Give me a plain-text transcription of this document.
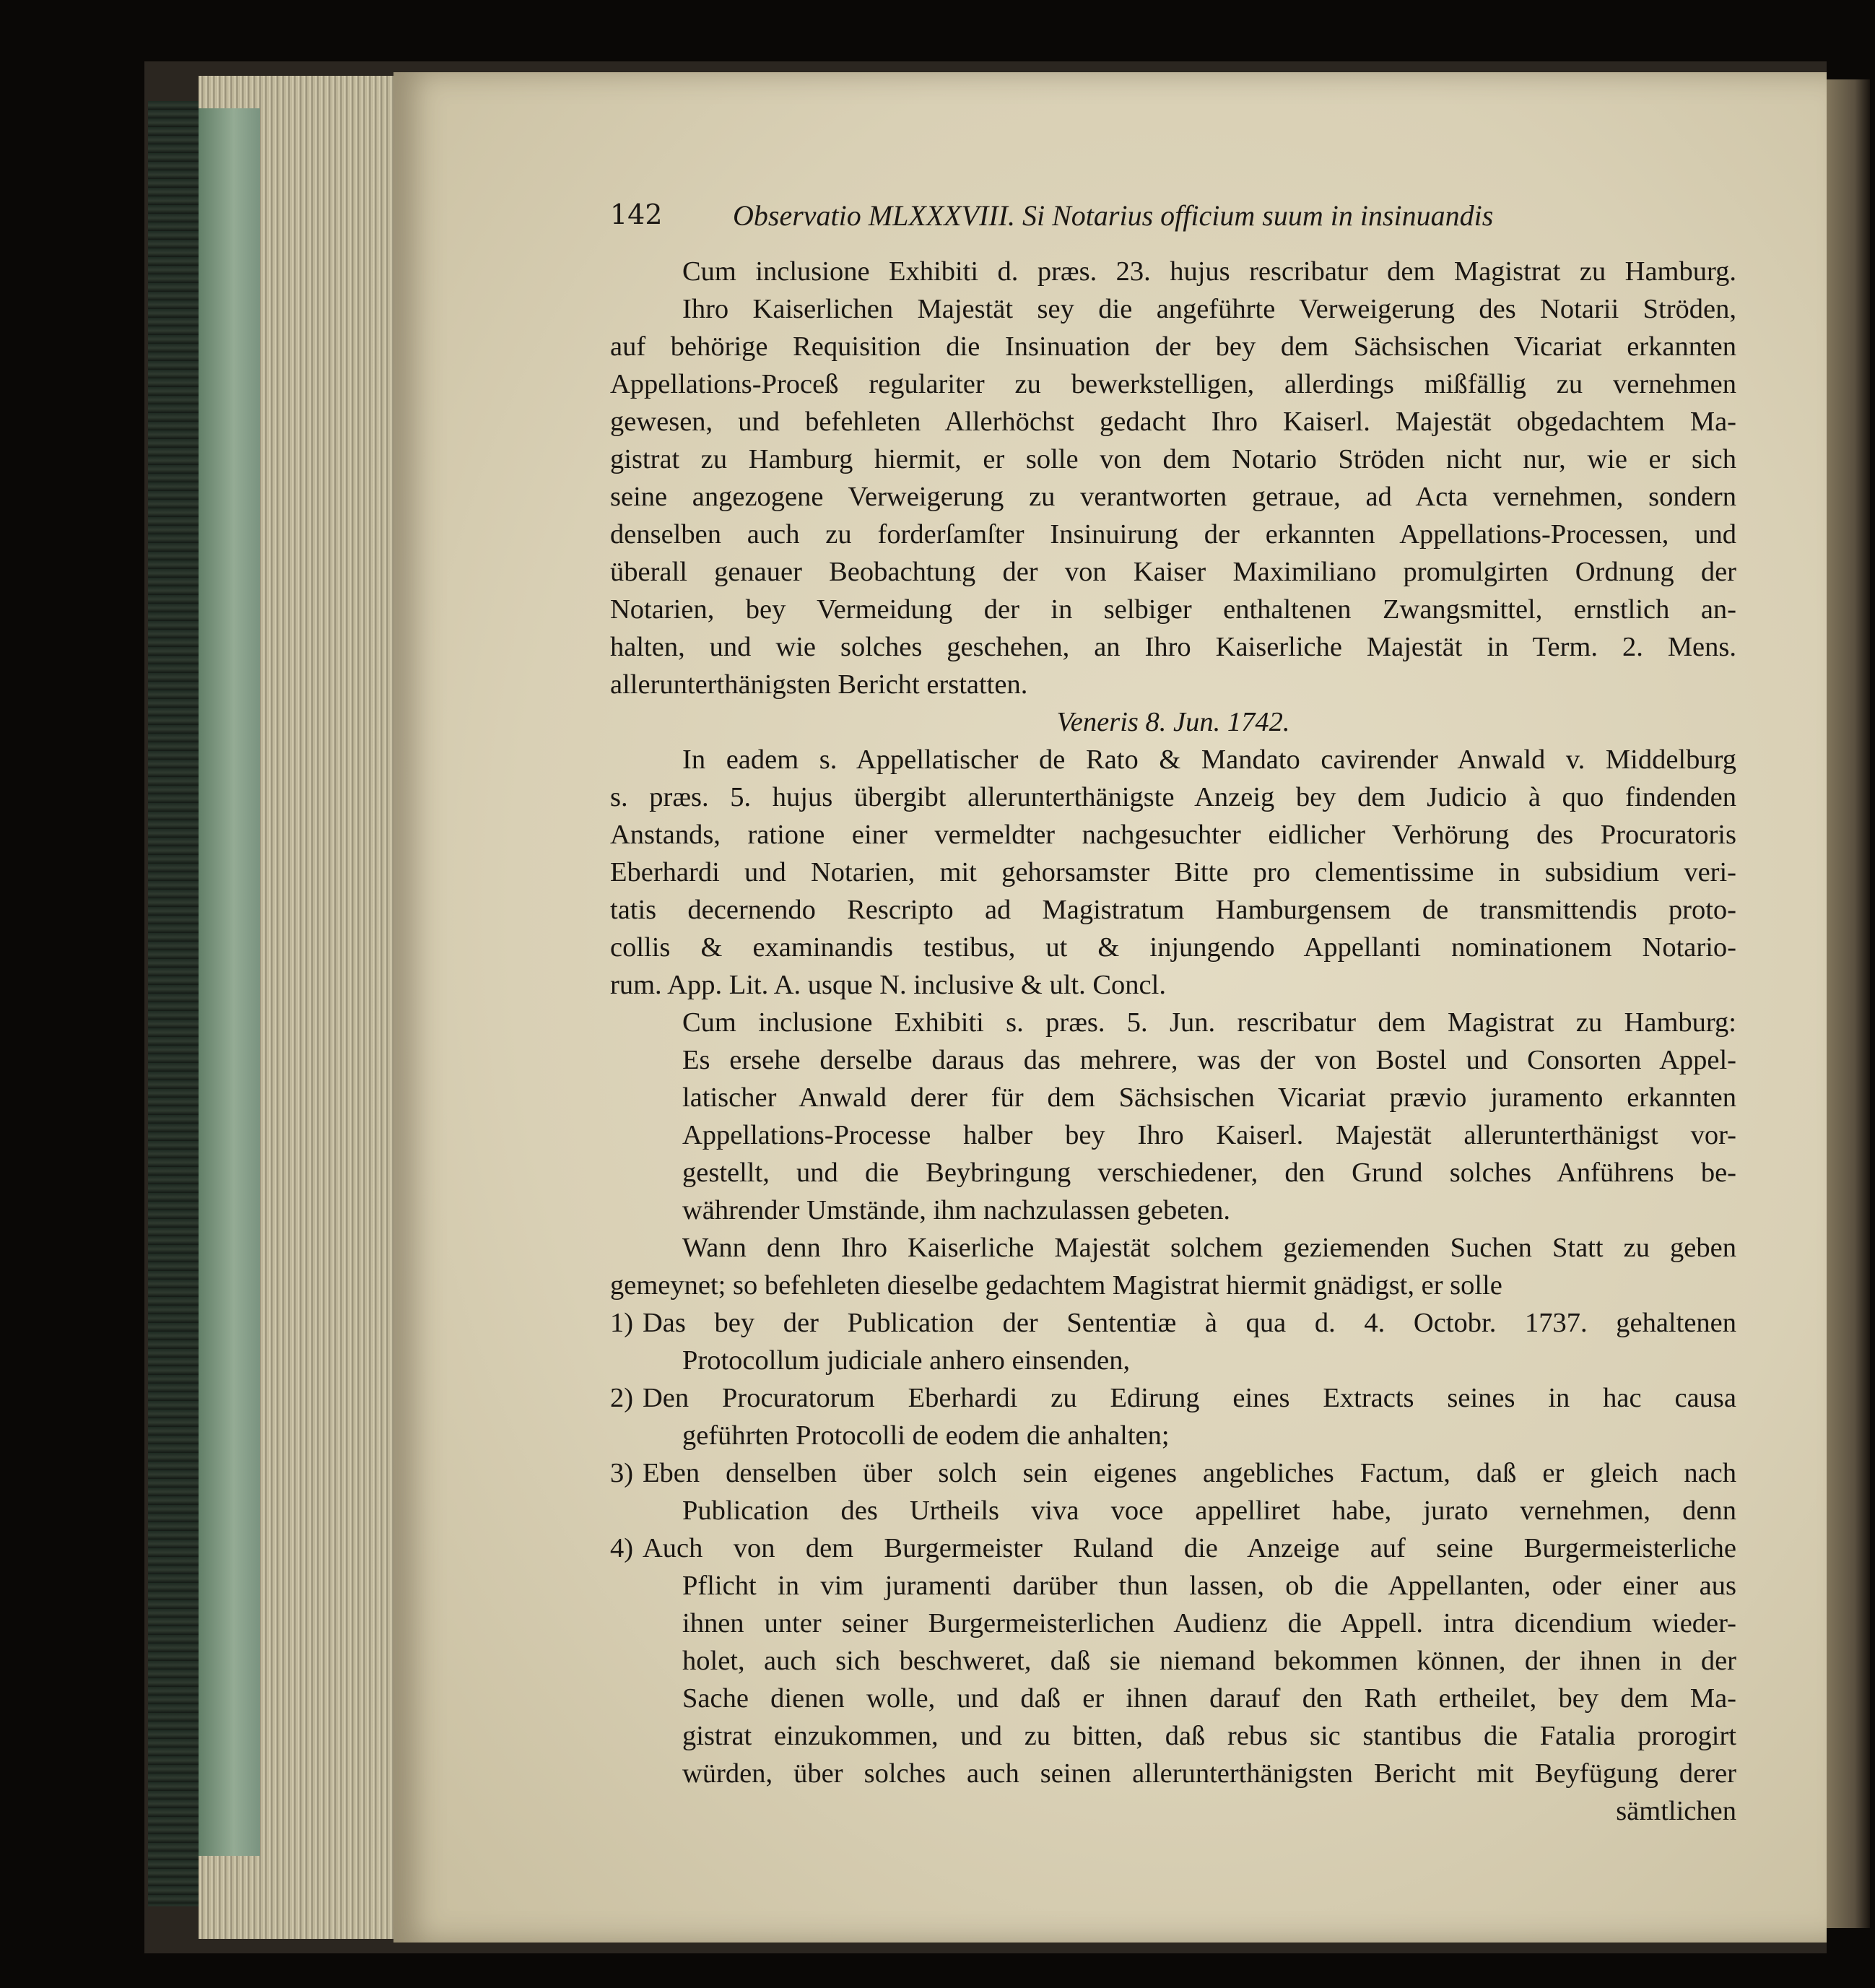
142 Observatio MLXXXVIII. Si Notarius officium suum in insinuandis
Cum inclusione Exhibiti d. præs. 23. hujus rescribatur dem Magistrat zu Hamburg.
Ihro Kaiserlichen Majestät sey die angeführte Verweigerung des Notarii Ströden,
auf behörige Requisition die Insinuation der bey dem Sächsischen Vicariat erkannten
Appellations-Proceß regulariter zu bewerkstelligen, allerdings mißfällig zu vernehmen
gewesen, und befehleten Allerhöchst gedacht Ihro Kaiserl. Majestät obgedachtem Ma-
gistrat zu Hamburg hiermit, er solle von dem Notario Ströden nicht nur, wie er sich
seine angezogene Verweigerung zu verantworten getraue, ad Acta vernehmen, sondern
denselben auch zu forderſamſter Insinuirung der erkannten Appellations-Processen, und
überall genauer Beobachtung der von Kaiser Maximiliano promulgirten Ordnung der
Notarien, bey Vermeidung der in selbiger enthaltenen Zwangsmittel, ernstlich an-
halten, und wie solches geschehen, an Ihro Kaiserliche Majestät in Term. 2. Mens.
allerunterthänigsten Bericht erstatten.
Veneris 8. Jun. 1742.
In eadem s. Appellatischer de Rato & Mandato cavirender Anwald v. Middelburg
s. præs. 5. hujus übergibt allerunterthänigste Anzeig bey dem Judicio à quo findenden
Anstands, ratione einer vermeldter nachgesuchter eidlicher Verhörung des Procuratoris
Eberhardi und Notarien, mit gehorsamster Bitte pro clementissime in subsidium veri-
tatis decernendo Rescripto ad Magistratum Hamburgensem de transmittendis proto-
collis & examinandis testibus, ut & injungendo Appellanti nominationem Notario-
rum. App. Lit. A. usque N. inclusive & ult. Concl.
Cum inclusione Exhibiti s. præs. 5. Jun. rescribatur dem Magistrat zu Hamburg:
Es ersehe derselbe daraus das mehrere, was der von Bostel und Consorten Appel-
latischer Anwald derer für dem Sächsischen Vicariat prævio juramento erkannten
Appellations-Processe halber bey Ihro Kaiserl. Majestät allerunterthänigst vor-
gestellt, und die Beybringung verschiedener, den Grund solches Anführens be-
währender Umstände, ihm nachzulassen gebeten.
Wann denn Ihro Kaiserliche Majestät solchem geziemenden Suchen Statt zu geben
gemeynet; so befehleten dieselbe gedachtem Magistrat hiermit gnädigst, er solle
1) Das bey der Publication der Sententiæ à qua d. 4. Octobr. 1737. gehaltenen
Protocollum judiciale anhero einsenden,
2) Den Procuratorum Eberhardi zu Edirung eines Extracts seines in hac causa
geführten Protocolli de eodem die anhalten;
3) Eben denselben über solch sein eigenes angebliches Factum, daß er gleich nach
Publication des Urtheils viva voce appelliret habe, jurato vernehmen, denn
4) Auch von dem Burgermeister Ruland die Anzeige auf seine Burgermeisterliche
Pflicht in vim juramenti darüber thun lassen, ob die Appellanten, oder einer aus
ihnen unter seiner Burgermeisterlichen Audienz die Appell. intra dicendium wieder-
holet, auch sich beschweret, daß sie niemand bekommen können, der ihnen in der
Sache dienen wolle, und daß er ihnen darauf den Rath ertheilet, bey dem Ma-
gistrat einzukommen, und zu bitten, daß rebus sic stantibus die Fatalia prorogirt
würden, über solches auch seinen allerunterthänigsten Bericht mit Beyfügung derer
sämtlichen
